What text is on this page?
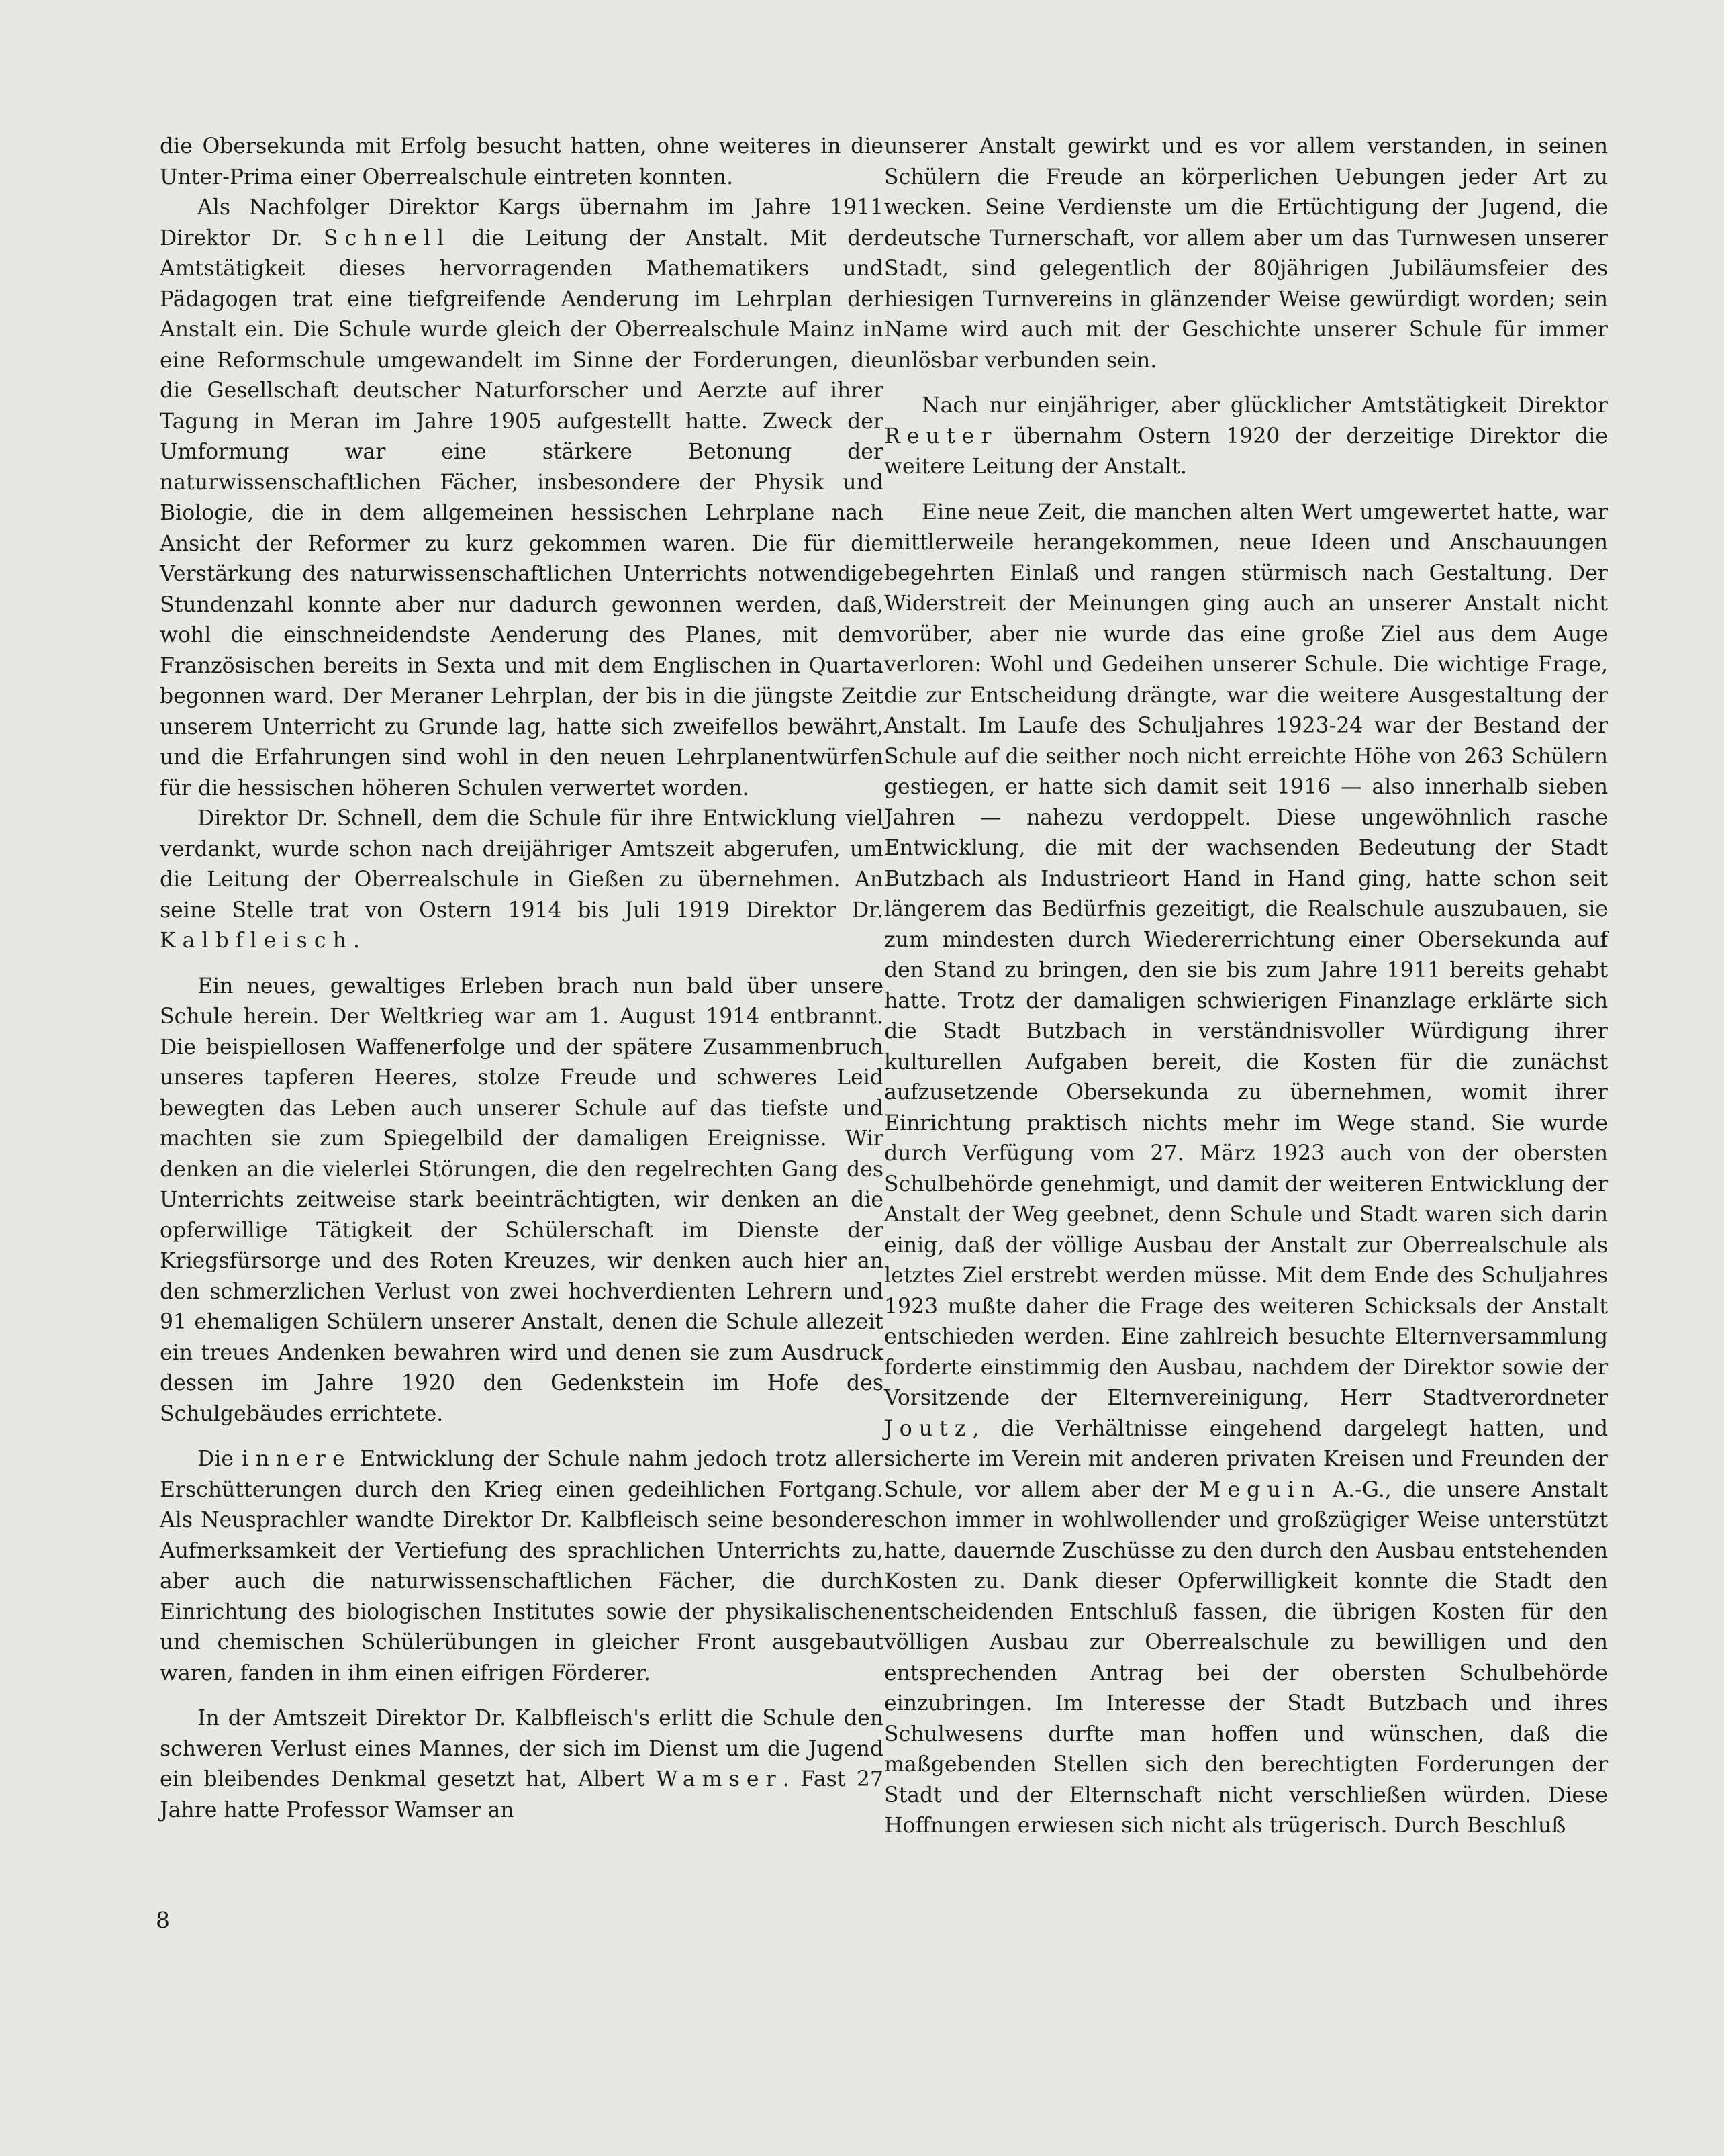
die Obersekunda mit Erfolg besucht hatten, ohne weiteres in die Unter-Prima einer Oberrealschule eintreten konnten.

Als Nachfolger Direktor Kargs übernahm im Jahre 1911 Direktor Dr. Schnell die Leitung der Anstalt. Mit der Amtstätigkeit dieses hervorragenden Mathematikers und Pädagogen trat eine tiefgreifende Aenderung im Lehrplan der Anstalt ein. Die Schule wurde gleich der Oberrealschule Mainz in eine Reformschule umgewandelt im Sinne der Forderungen, die die Gesellschaft deutscher Naturforscher und Aerzte auf ihrer Tagung in Meran im Jahre 1905 aufgestellt hatte. Zweck der Umformung war eine stärkere Betonung der naturwissenschaftlichen Fächer, insbesondere der Physik und Biologie, die in dem allgemeinen hessischen Lehrplane nach Ansicht der Reformer zu kurz gekommen waren. Die für die Verstärkung des naturwissenschaftlichen Unterrichts notwendige Stundenzahl konnte aber nur dadurch gewonnen werden, daß, wohl die einschneidendste Aenderung des Planes, mit dem Französischen bereits in Sexta und mit dem Englischen in Quarta begonnen ward. Der Meraner Lehrplan, der bis in die jüngste Zeit unserem Unterricht zu Grunde lag, hatte sich zweifellos bewährt, und die Erfahrungen sind wohl in den neuen Lehrplanentwürfen für die hessischen höheren Schulen verwertet worden.

Direktor Dr. Schnell, dem die Schule für ihre Entwicklung viel verdankt, wurde schon nach dreijähriger Amtszeit abgerufen, um die Leitung der Oberrealschule in Gießen zu übernehmen. An seine Stelle trat von Ostern 1914 bis Juli 1919 Direktor Dr. Kalbfleisch.

Ein neues, gewaltiges Erleben brach nun bald über unsere Schule herein. Der Weltkrieg war am 1. August 1914 entbrannt. Die beispiellosen Waffenerfolge und der spätere Zusammenbruch unseres tapferen Heeres, stolze Freude und schweres Leid bewegten das Leben auch unserer Schule auf das tiefste und machten sie zum Spiegelbild der damaligen Ereignisse. Wir denken an die vielerlei Störungen, die den regelrechten Gang des Unterrichts zeitweise stark beeinträchtigten, wir denken an die opferwillige Tätigkeit der Schülerschaft im Dienste der Kriegsfürsorge und des Roten Kreuzes, wir denken auch hier an den schmerzlichen Verlust von zwei hochverdienten Lehrern und 91 ehemaligen Schülern unserer Anstalt, denen die Schule allezeit ein treues Andenken bewahren wird und denen sie zum Ausdruck dessen im Jahre 1920 den Gedenkstein im Hofe des Schulgebäudes errichtete.

Die innere Entwicklung der Schule nahm jedoch trotz aller Erschütterungen durch den Krieg einen gedeihlichen Fortgang. Als Neusprachler wandte Direktor Dr. Kalbfleisch seine besondere Aufmerksamkeit der Vertiefung des sprachlichen Unterrichts zu, aber auch die naturwissenschaftlichen Fächer, die durch Einrichtung des biologischen Institutes sowie der physikalischen und chemischen Schülerübungen in gleicher Front ausgebaut waren, fanden in ihm einen eifrigen Förderer.

In der Amtszeit Direktor Dr. Kalbfleisch's erlitt die Schule den schweren Verlust eines Mannes, der sich im Dienst um die Jugend ein bleibendes Denkmal gesetzt hat, Albert Wamser. Fast 27 Jahre hatte Professor Wamser an

unserer Anstalt gewirkt und es vor allem verstanden, in seinen Schülern die Freude an körperlichen Uebungen jeder Art zu wecken. Seine Verdienste um die Ertüchtigung der Jugend, die deutsche Turnerschaft, vor allem aber um das Turnwesen unserer Stadt, sind gelegentlich der 80jährigen Jubiläumsfeier des hiesigen Turnvereins in glänzender Weise gewürdigt worden; sein Name wird auch mit der Geschichte unserer Schule für immer unlösbar verbunden sein.

Nach nur einjähriger, aber glücklicher Amtstätigkeit Direktor Reuter übernahm Ostern 1920 der derzeitige Direktor die weitere Leitung der Anstalt.

Eine neue Zeit, die manchen alten Wert umgewertet hatte, war mittlerweile herangekommen, neue Ideen und Anschauungen begehrten Einlaß und rangen stürmisch nach Gestaltung. Der Widerstreit der Meinungen ging auch an unserer Anstalt nicht vorüber, aber nie wurde das eine große Ziel aus dem Auge verloren: Wohl und Gedeihen unserer Schule. Die wichtige Frage, die zur Entscheidung drängte, war die weitere Ausgestaltung der Anstalt. Im Laufe des Schuljahres 1923-24 war der Bestand der Schule auf die seither noch nicht erreichte Höhe von 263 Schülern gestiegen, er hatte sich damit seit 1916 — also innerhalb sieben Jahren — nahezu verdoppelt. Diese ungewöhnlich rasche Entwicklung, die mit der wachsenden Bedeutung der Stadt Butzbach als Industrieort Hand in Hand ging, hatte schon seit längerem das Bedürfnis gezeitigt, die Realschule auszubauen, sie zum mindesten durch Wiedererrichtung einer Obersekunda auf den Stand zu bringen, den sie bis zum Jahre 1911 bereits gehabt hatte. Trotz der damaligen schwierigen Finanzlage erklärte sich die Stadt Butzbach in verständnisvoller Würdigung ihrer kulturellen Aufgaben bereit, die Kosten für die zunächst aufzusetzende Obersekunda zu übernehmen, womit ihrer Einrichtung praktisch nichts mehr im Wege stand. Sie wurde durch Verfügung vom 27. März 1923 auch von der obersten Schulbehörde genehmigt, und damit der weiteren Entwicklung der Anstalt der Weg geebnet, denn Schule und Stadt waren sich darin einig, daß der völlige Ausbau der Anstalt zur Oberrealschule als letztes Ziel erstrebt werden müsse. Mit dem Ende des Schuljahres 1923 mußte daher die Frage des weiteren Schicksals der Anstalt entschieden werden. Eine zahlreich besuchte Elternversammlung forderte einstimmig den Ausbau, nachdem der Direktor sowie der Vorsitzende der Elternvereinigung, Herr Stadtverordneter Joutz, die Verhältnisse eingehend dargelegt hatten, und sicherte im Verein mit anderen privaten Kreisen und Freunden der Schule, vor allem aber der Meguin A.-G., die unsere Anstalt schon immer in wohlwollender und großzügiger Weise unterstützt hatte, dauernde Zuschüsse zu den durch den Ausbau entstehenden Kosten zu. Dank dieser Opferwilligkeit konnte die Stadt den entscheidenden Entschluß fassen, die übrigen Kosten für den völligen Ausbau zur Oberrealschule zu bewilligen und den entsprechenden Antrag bei der obersten Schulbehörde einzubringen. Im Interesse der Stadt Butzbach und ihres Schulwesens durfte man hoffen und wünschen, daß die maßgebenden Stellen sich den berechtigten Forderungen der Stadt und der Elternschaft nicht verschließen würden. Diese Hoffnungen erwiesen sich nicht als trügerisch. Durch Beschluß

8
